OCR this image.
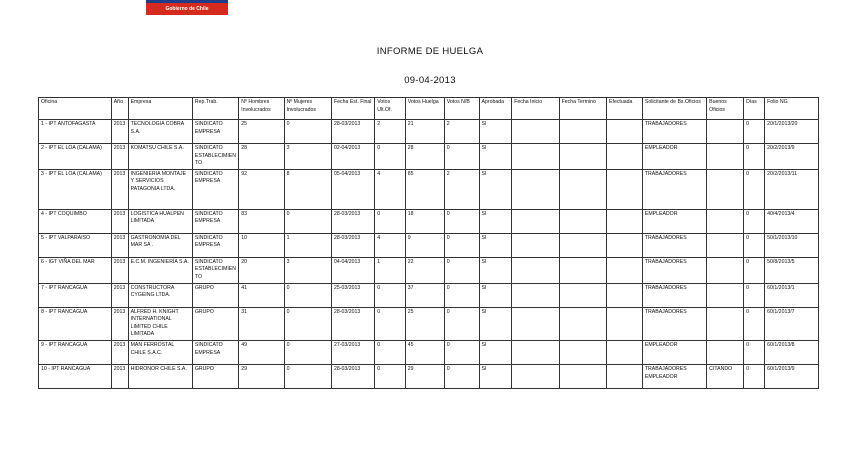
Gobierno de Chile
INFORME DE HUELGA
09-04-2013
Oficina	Año	Empresa	Rep.Trab.	Nº Hombres Involucrados	Nº Mujeres Involucrados	Fecha Est. Final	Votos Ult.Of.	Votos Huelga	Votos N/B	Aprobada	Fecha Inicio	Fecha Termino	Efectuada	Solicitante de Bs.Oficios	Buenos Oficios	Días	Folio NG
1 - IPT ANTOFAGASTA	2013	TECNOLOGIA COBRA S.A.	SINDICATO EMPRESA	25	0	28-03/2013	2	21	2	SI				TRABAJADORES		0	20/1/2013/20
2 - IPT EL LOA (CALAMA)	2013	KOMATSU CHILE S.A.	SINDICATO ESTABLECIMIENTO	28	3	02-04/2013	0	28	0	SI				EMPLEADOR		0	20/2/2013/9
3 - IPT EL LOA (CALAMA)	2013	INGENIERIA MONTAJE Y SERVICIOS PATAGONIA LTDA.	SINDICATO EMPRESA	92	8	05-04/2013	4	85	2	SI				TRABAJADORES		0	20/2/2013/11
4 - IPT COQUIMBO	2013	LOGISTICA HUALPEN LIMITADA	SINDICATO EMPRESA	83	0	28-03/2013	0	18	0	SI				EMPLEADOR		0	40/4/2013/4
5 - IPT VALPARAISO	2013	GASTRONOMIA DEL MAR SA .	SINDICATO EMPRESA	10	1	28-03/2013	4	9	0	SI				TRABAJADORES		0	50/1/2013/10
6 - IGT VIÑA DEL MAR	2013	E.C.M. INGENIERÍA S.A.	SINDICATO ESTABLECIMIENTO	20	3	04-04/2013	1	22	0	SI				TRABAJADORES		0	50/8/2013/5
7 - IPT RANCAGUA	2013	CONSTRUCTORA CYGEING LTDA.	GRUPO	41	0	25-03/2013	0	37	0	SI				TRABAJADORES		0	60/1/2013/1
8 - IPT RANCAGUA	2013	ALFRED H. KNIGHT INTERNATIONAL LIMITED CHILE LIMITADA	GRUPO	31	0	28-03/2013	0	25	0	SI				TRABAJADORES		0	60/1/2013/7
9 - IPT RANCAGUA	2013	MAN FERROSTAL CHILE S.A.C.	SINDICATO EMPRESA	49	0	27-03/2013	0	45	0	SI				EMPLEADOR		0	60/1/2013/8
10 - IPT RANCAGUA	2013	HIDRONOR CHILE S.A.	GRUPO	29	0	28-03/2013	0	29	0	SI				TRABAJADORES EMPLEADOR	CITANDO	0	60/1/2013/9
